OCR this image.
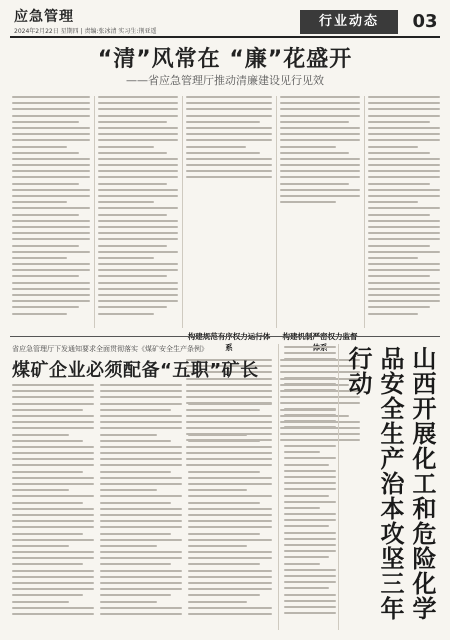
应急管理
2024年2月22日 星期四 | 责编:张冰清 实习生:荆亚遥
行业动态	03
“清”风常在 “廉”花盛开
——省应急管理厅推动清廉建设见行见效
系
省应急管理厅下发通知要求全面贯彻落实《煤矿安全生产条例》
煤矿企业必须配备“五职”矿长	山西开展化工和危险化学品安全生产治本攻坚三年行动
